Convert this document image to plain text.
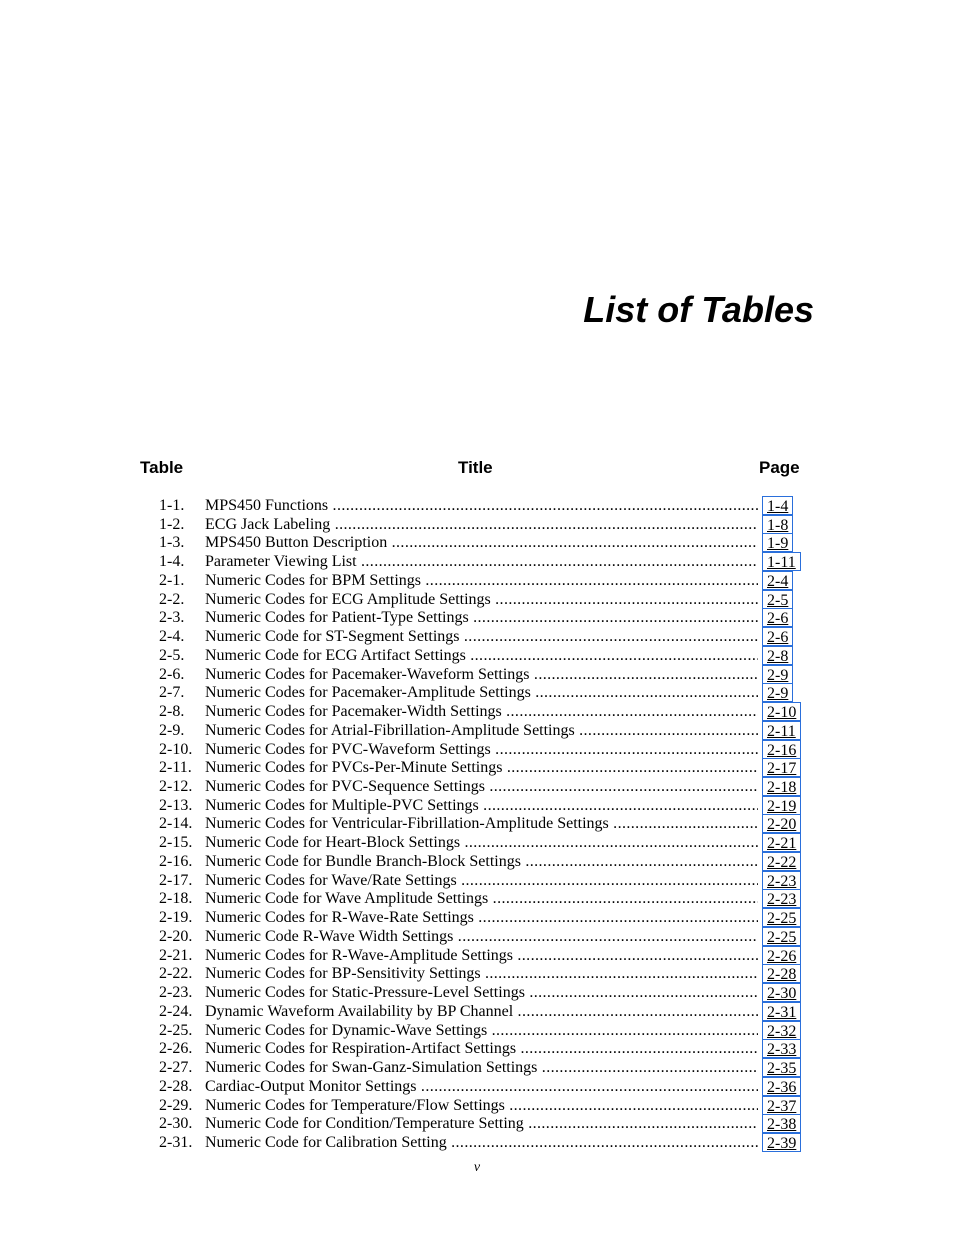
List of Tables
Table	Title	Page
1-1. MPS450 Functions .....	1-4
1-2. ECG Jack Labeling .....	1-8
1-3. MPS450 Button Description .....	1-9
1-4. Parameter Viewing List .....	1-11
2-1. Numeric Codes for BPM Settings .....	2-4
2-2. Numeric Codes for ECG Amplitude Settings .....	2-5
2-3. Numeric Codes for Patient-Type Settings .....	2-6
2-4. Numeric Code for ST-Segment Settings .....	2-6
2-5. Numeric Code for ECG Artifact Settings .....	2-8
2-6. Numeric Codes for Pacemaker-Waveform Settings .....	2-9
2-7. Numeric Codes for Pacemaker-Amplitude Settings .....	2-9
2-8. Numeric Codes for Pacemaker-Width Settings .....	2-10
2-9. Numeric Codes for Atrial-Fibrillation-Amplitude Settings .....	2-11
2-10. Numeric Codes for PVC-Waveform Settings .....	2-16
2-11. Numeric Codes for PVCs-Per-Minute Settings .....	2-17
2-12. Numeric Codes for PVC-Sequence Settings .....	2-18
2-13. Numeric Codes for Multiple-PVC Settings .....	2-19
2-14. Numeric Codes for Ventricular-Fibrillation-Amplitude Settings .....	2-20
2-15. Numeric Code for Heart-Block Settings .....	2-21
2-16. Numeric Code for Bundle Branch-Block Settings .....	2-22
2-17. Numeric Codes for Wave/Rate Settings .....	2-23
2-18. Numeric Code for Wave Amplitude Settings .....	2-23
2-19. Numeric Codes for R-Wave-Rate Settings .....	2-25
2-20. Numeric Code R-Wave Width Settings .....	2-25
2-21. Numeric Codes for R-Wave-Amplitude Settings .....	2-26
2-22. Numeric Codes for BP-Sensitivity Settings .....	2-28
2-23. Numeric Codes for Static-Pressure-Level Settings .....	2-30
2-24. Dynamic Waveform Availability by BP Channel .....	2-31
2-25. Numeric Codes for Dynamic-Wave Settings .....	2-32
2-26. Numeric Codes for Respiration-Artifact Settings .....	2-33
2-27. Numeric Codes for Swan-Ganz-Simulation Settings .....	2-35
2-28. Cardiac-Output Monitor Settings .....	2-36
2-29. Numeric Codes for Temperature/Flow Settings .....	2-37
2-30. Numeric Code for Condition/Temperature Setting .....	2-38
2-31. Numeric Code for Calibration Setting .....	2-39
v
